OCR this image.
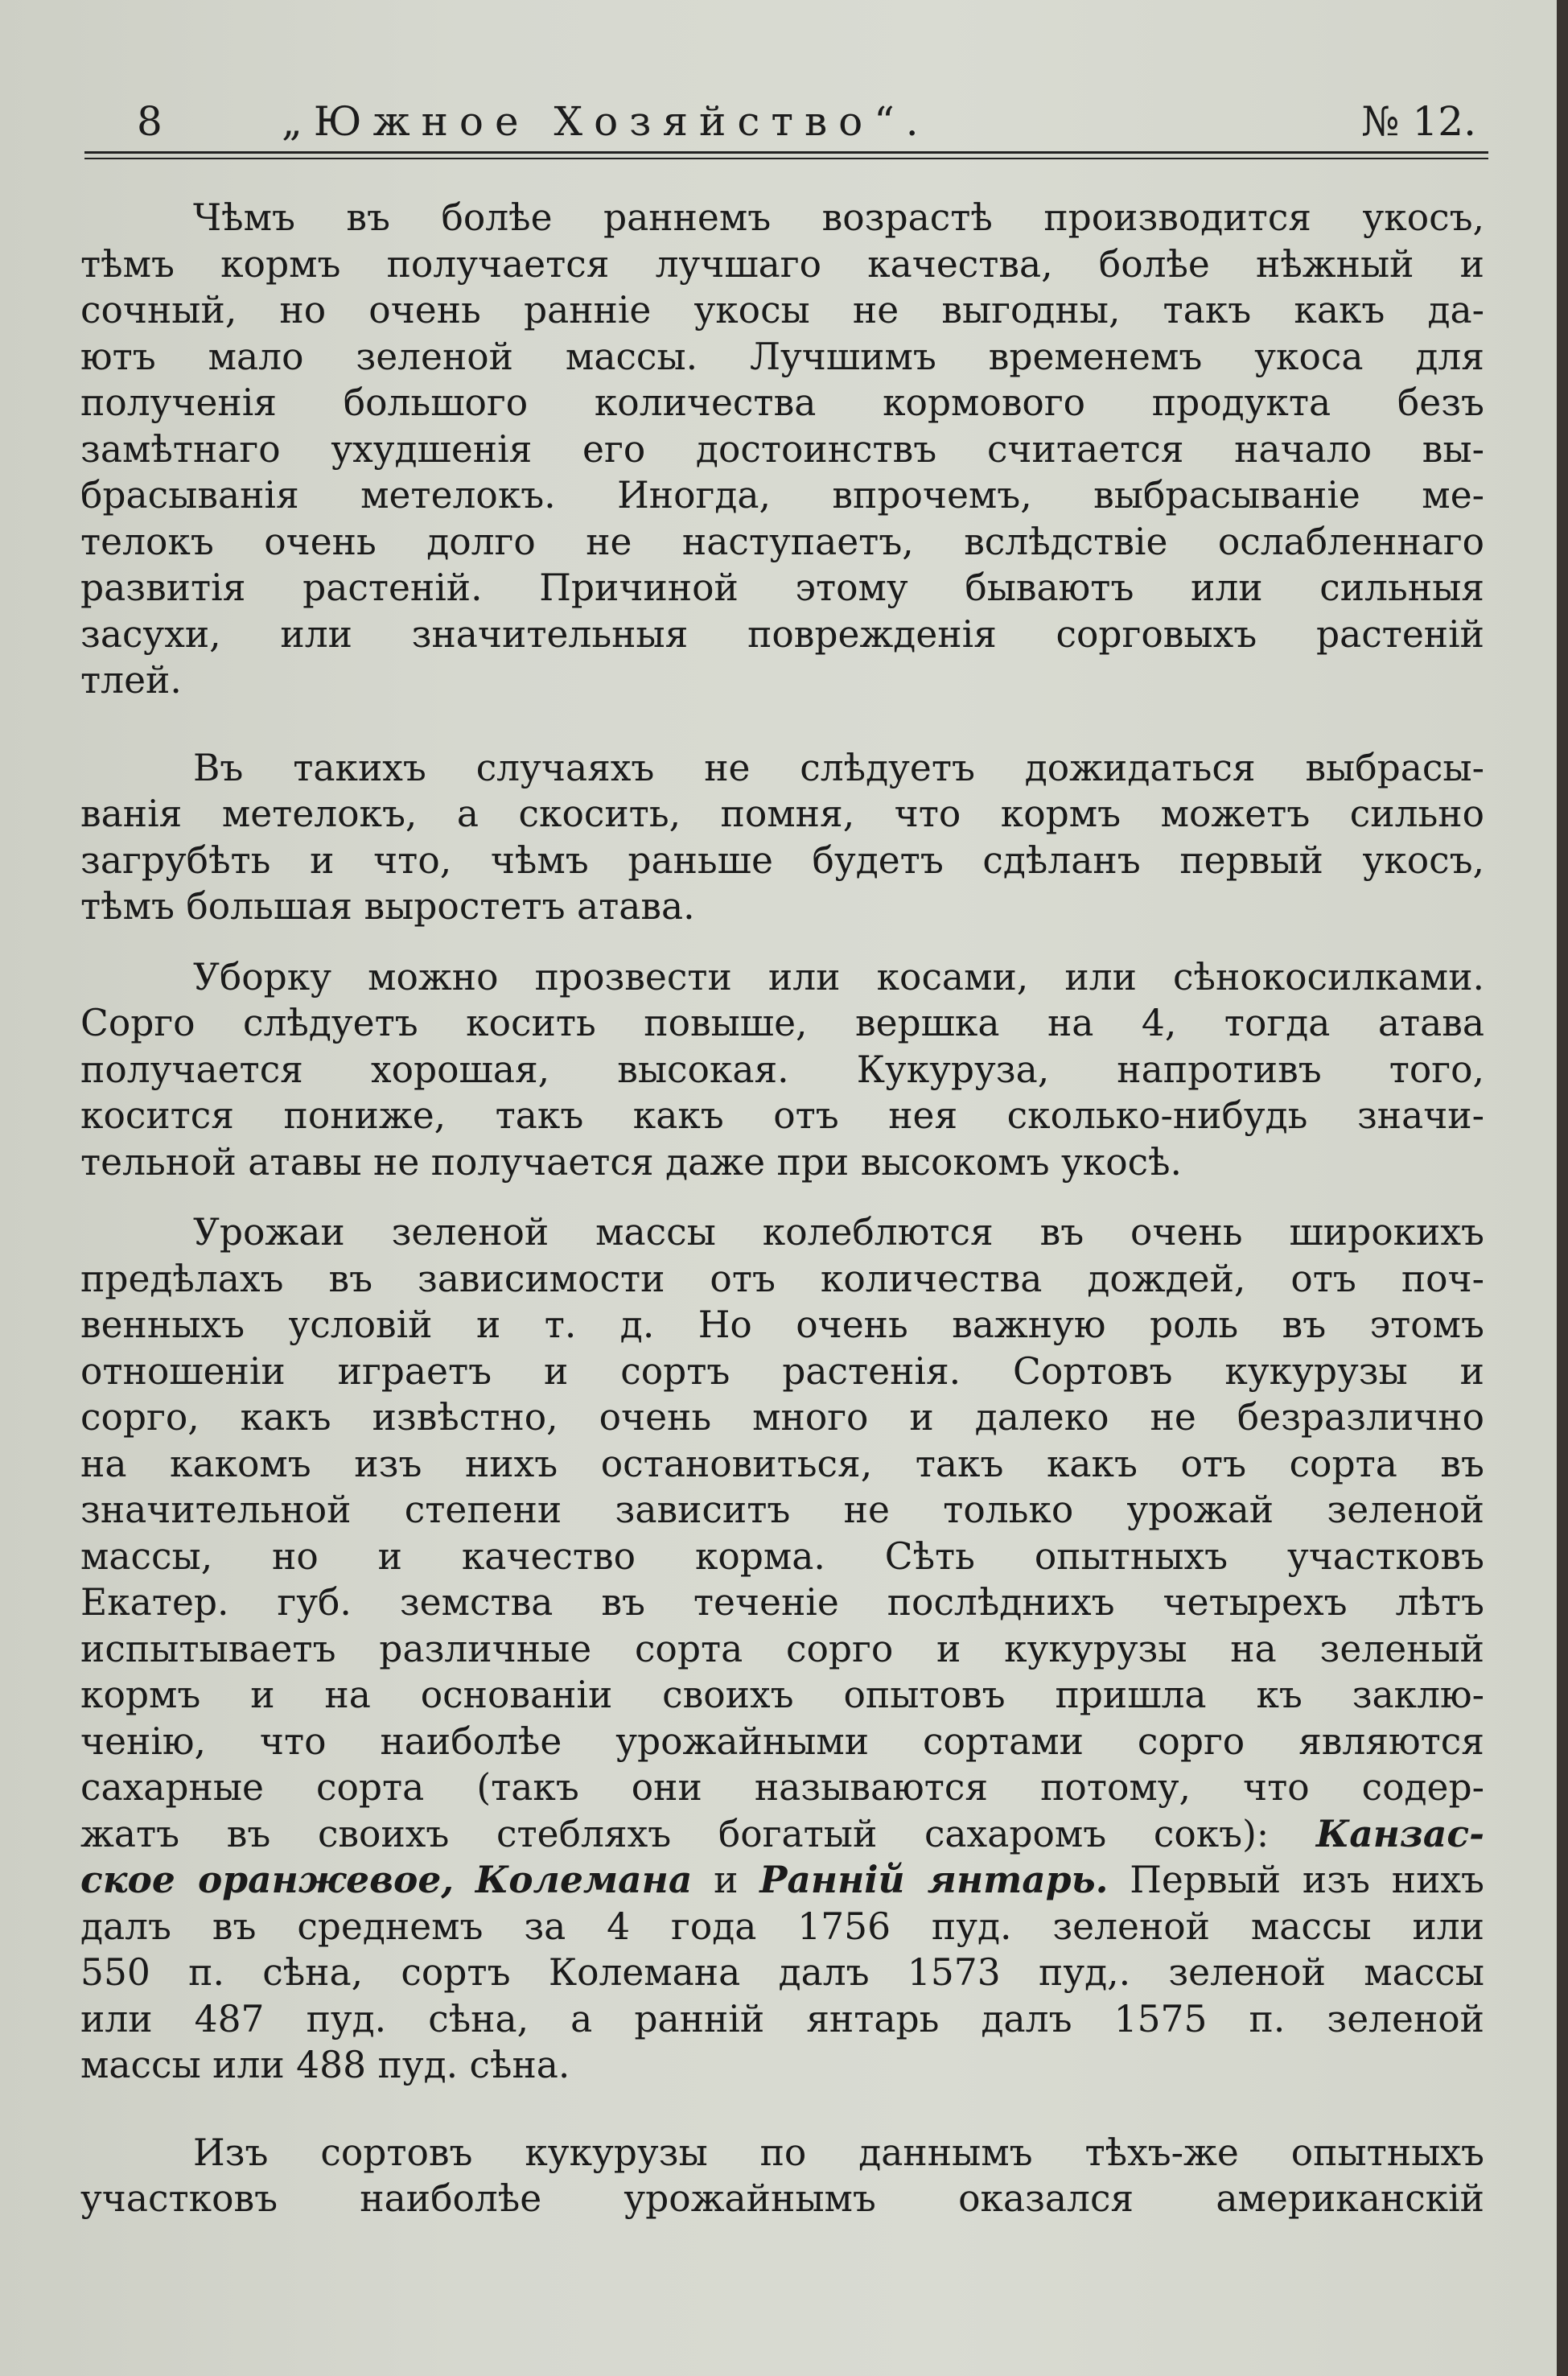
8	„Южное Хозяйство“.	№ 12.
Чѣмъ въ болѣе раннемъ возрастѣ производится укосъ,
тѣмъ кормъ получается лучшаго качества, болѣе нѣжный и
сочный, но очень ранніе укосы не выгодны, такъ какъ да-
ютъ мало зеленой массы. Лучшимъ временемъ укоса для
полученія большого количества кормового продукта безъ
замѣтнаго ухудшенія его достоинствъ считается начало вы-
брасыванія метелокъ. Иногда, впрочемъ, выбрасываніе ме-
телокъ очень долго не наступаетъ, вслѣдствіе ослабленнаго
развитія растеній. Причиной этому бываютъ или сильныя
засухи, или значительныя поврежденія сорговыхъ растеній
тлей.
Въ такихъ случаяхъ не слѣдуетъ дожидаться выбрасы-
ванія метелокъ, а скосить, помня, что кормъ можетъ сильно
загрубѣть и что, чѣмъ раньше будетъ сдѣланъ первый укосъ,
тѣмъ большая выростетъ атава.
Уборку можно прозвести или косами, или сѣнокосилками.
Сорго слѣдуетъ косить повыше, вершка на 4, тогда атава
получается хорошая, высокая. Кукуруза, напротивъ того,
косится пониже, такъ какъ отъ нея сколько-нибудь значи-
тельной атавы не получается даже при высокомъ укосѣ.
Урожаи зеленой массы колеблются въ очень широкихъ
предѣлахъ въ зависимости отъ количества дождей, отъ поч-
венныхъ условій и т. д. Но очень важную роль въ этомъ
отношеніи играетъ и сортъ растенія. Сортовъ кукурузы и
сорго, какъ извѣстно, очень много и далеко не безразлично
на какомъ изъ нихъ остановиться, такъ какъ отъ сорта въ
значительной степени зависитъ не только урожай зеленой
массы, но и качество корма. Сѣть опытныхъ участковъ
Екатер. губ. земства въ теченіе послѣднихъ четырехъ лѣтъ
испытываетъ различные сорта сорго и кукурузы на зеленый
кормъ и на основаніи своихъ опытовъ пришла къ заклю-
ченію, что наиболѣе урожайными сортами сорго являются
сахарные сорта (такъ они называются потому, что содер-
жатъ въ своихъ стебляхъ богатый сахаромъ сокъ): Канзас-
ское оранжевое, Колемана и Раннiй янтарь. Первый изъ нихъ
далъ въ среднемъ за 4 года 1756 пуд. зеленой массы или
550 п. сѣна, сортъ Колемана далъ 1573 пуд,. зеленой массы
или 487 пуд. сѣна, а ранній янтарь далъ 1575 п. зеленой
массы или 488 пуд. сѣна.
Изъ сортовъ кукурузы по даннымъ тѣхъ-же опытныхъ
участковъ наиболѣе урожайнымъ оказался американскій
